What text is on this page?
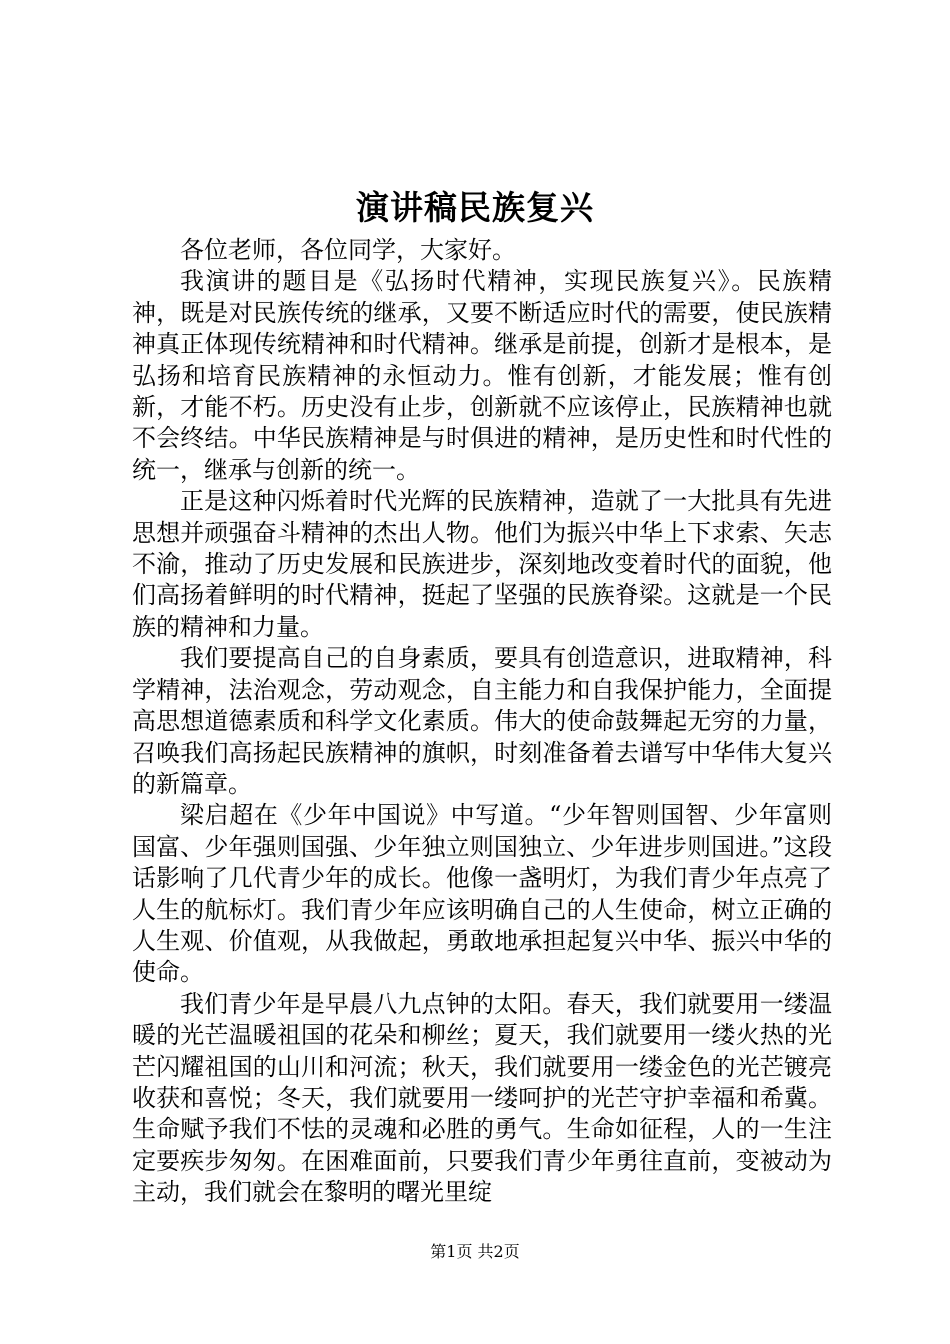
演讲稿民族复兴

各位老师，各位同学，大家好。

我演讲的题目是《弘扬时代精神，实现民族复兴》。民族精神，既是对民族传统的继承，又要不断适应时代的需要，使民族精神真正体现传统精神和时代精神。继承是前提，创新才是根本，是弘扬和培育民族精神的永恒动力。惟有创新，才能发展；惟有创新，才能不朽。历史没有止步，创新就不应该停止，民族精神也就不会终结。中华民族精神是与时俱进的精神，是历史性和时代性的统一，继承与创新的统一。

正是这种闪烁着时代光辉的民族精神，造就了一大批具有先进思想并顽强奋斗精神的杰出人物。他们为振兴中华上下求索、矢志不渝，推动了历史发展和民族进步，深刻地改变着时代的面貌，他们高扬着鲜明的时代精神，挺起了坚强的民族脊梁。这就是一个民族的精神和力量。

我们要提高自己的自身素质，要具有创造意识，进取精神，科学精神，法治观念，劳动观念，自主能力和自我保护能力，全面提高思想道德素质和科学文化素质。伟大的使命鼓舞起无穷的力量，召唤我们高扬起民族精神的旗帜，时刻准备着去谱写中华伟大复兴的新篇章。

梁启超在《少年中国说》中写道。“少年智则国智、少年富则国富、少年强则国强、少年独立则国独立、少年进步则国进。”这段话影响了几代青少年的成长。他像一盏明灯，为我们青少年点亮了人生的航标灯。我们青少年应该明确自己的人生使命，树立正确的人生观、价值观，从我做起，勇敢地承担起复兴中华、振兴中华的使命。

我们青少年是早晨八九点钟的太阳。春天，我们就要用一缕温暖的光芒温暖祖国的花朵和柳丝；夏天，我们就要用一缕火热的光芒闪耀祖国的山川和河流；秋天，我们就要用一缕金色的光芒镀亮收获和喜悦；冬天，我们就要用一缕呵护的光芒守护幸福和希冀。生命赋予我们不怯的灵魂和必胜的勇气。生命如征程，人的一生注定要疾步匆匆。在困难面前，只要我们青少年勇往直前，变被动为主动，我们就会在黎明的曙光里绽

第1页 共2页
